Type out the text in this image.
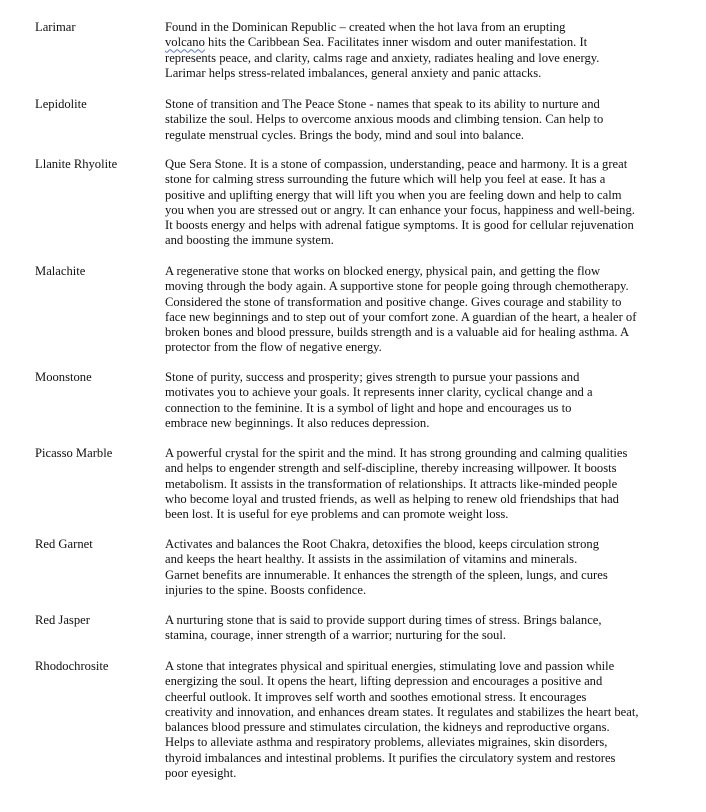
Larimar	Found in the Dominican Republic – created when the hot lava from an erupting
volcano hits the Caribbean Sea. Facilitates inner wisdom and outer manifestation. It
represents peace, and clarity, calms rage and anxiety, radiates healing and love energy.
Larimar helps stress-related imbalances, general anxiety and panic attacks.
Lepidolite	Stone of transition and The Peace Stone - names that speak to its ability to nurture and
stabilize the soul. Helps to overcome anxious moods and climbing tension. Can help to
regulate menstrual cycles. Brings the body, mind and soul into balance.
Llanite Rhyolite	Que Sera Stone. It is a stone of compassion, understanding, peace and harmony. It is a great
stone for calming stress surrounding the future which will help you feel at ease. It has a
positive and uplifting energy that will lift you when you are feeling down and help to calm
you when you are stressed out or angry. It can enhance your focus, happiness and well-being.
It boosts energy and helps with adrenal fatigue symptoms. It is good for cellular rejuvenation
and boosting the immune system.
Malachite	A regenerative stone that works on blocked energy, physical pain, and getting the flow
moving through the body again. A supportive stone for people going through chemotherapy.
Considered the stone of transformation and positive change. Gives courage and stability to
face new beginnings and to step out of your comfort zone. A guardian of the heart, a healer of
broken bones and blood pressure, builds strength and is a valuable aid for healing asthma. A
protector from the flow of negative energy.
Moonstone	Stone of purity, success and prosperity; gives strength to pursue your passions and
motivates you to achieve your goals. It represents inner clarity, cyclical change and a
connection to the feminine. It is a symbol of light and hope and encourages us to
embrace new beginnings. It also reduces depression.
Picasso Marble	A powerful crystal for the spirit and the mind. It has strong grounding and calming qualities
and helps to engender strength and self-discipline, thereby increasing willpower. It boosts
metabolism. It assists in the transformation of relationships. It attracts like-minded people
who become loyal and trusted friends, as well as helping to renew old friendships that had
been lost. It is useful for eye problems and can promote weight loss.
Red Garnet	Activates and balances the Root Chakra, detoxifies the blood, keeps circulation strong
and keeps the heart healthy. It assists in the assimilation of vitamins and minerals.
Garnet benefits are innumerable. It enhances the strength of the spleen, lungs, and cures
injuries to the spine. Boosts confidence.
Red Jasper	A nurturing stone that is said to provide support during times of stress. Brings balance,
stamina, courage, inner strength of a warrior; nurturing for the soul.
Rhodochrosite	A stone that integrates physical and spiritual energies, stimulating love and passion while
energizing the soul. It opens the heart, lifting depression and encourages a positive and
cheerful outlook. It improves self worth and soothes emotional stress. It encourages
creativity and innovation, and enhances dream states. It regulates and stabilizes the heart beat,
balances blood pressure and stimulates circulation, the kidneys and reproductive organs.
Helps to alleviate asthma and respiratory problems, alleviates migraines, skin disorders,
thyroid imbalances and intestinal problems. It purifies the circulatory system and restores
poor eyesight.
